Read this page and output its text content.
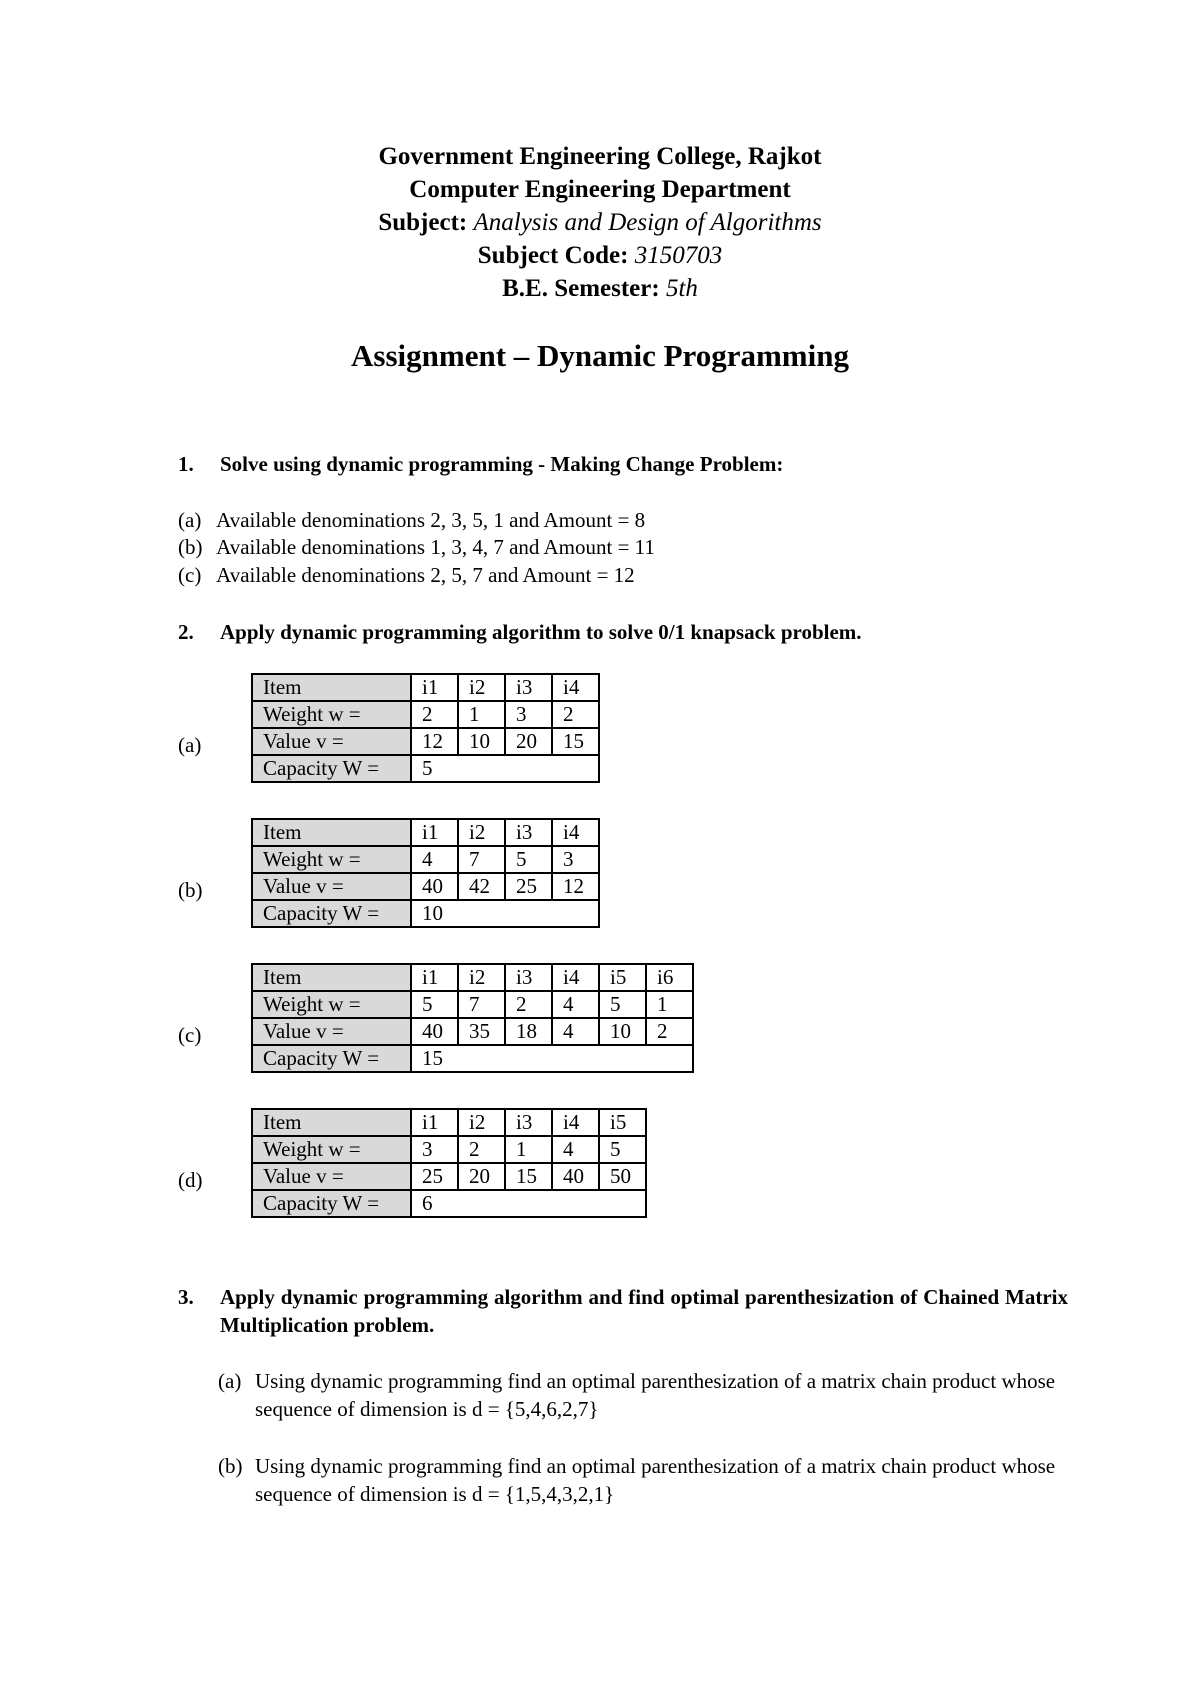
Government Engineering College, Rajkot
Computer Engineering Department
Subject: Analysis and Design of Algorithms
Subject Code: 3150703
B.E. Semester: 5th
Assignment – Dynamic Programming
1. Solve using dynamic programming - Making Change Problem:
(a) Available denominations 2, 3, 5, 1 and Amount = 8
(b) Available denominations 1, 3, 4, 7 and Amount = 11
(c) Available denominations 2, 5, 7 and Amount = 12
2. Apply dynamic programming algorithm to solve 0/1 knapsack problem.
(a)
Item	i1	i2	i3	i4
Weight w =	2	1	3	2
Value v =	12	10	20	15
Capacity W =	5			
(b)
Item	i1	i2	i3	i4
Weight w =	4	7	5	3
Value v =	40	42	25	12
Capacity W =	10			
(c)
Item	i1	i2	i3	i4	i5	i6
Weight w =	5	7	2	4	5	1
Value v =	40	35	18	4	10	2
Capacity W =	15					
(d)
Item	i1	i2	i3	i4	i5
Weight w =	3	2	1	4	5
Value v =	25	20	15	40	50
Capacity W =	6				
3. Apply dynamic programming algorithm and find optimal parenthesization of Chained Matrix Multiplication problem.
(a) Using dynamic programming find an optimal parenthesization of a matrix chain product whose sequence of dimension is d = {5,4,6,2,7}
(b) Using dynamic programming find an optimal parenthesization of a matrix chain product whose sequence of dimension is d = {1,5,4,3,2,1}
